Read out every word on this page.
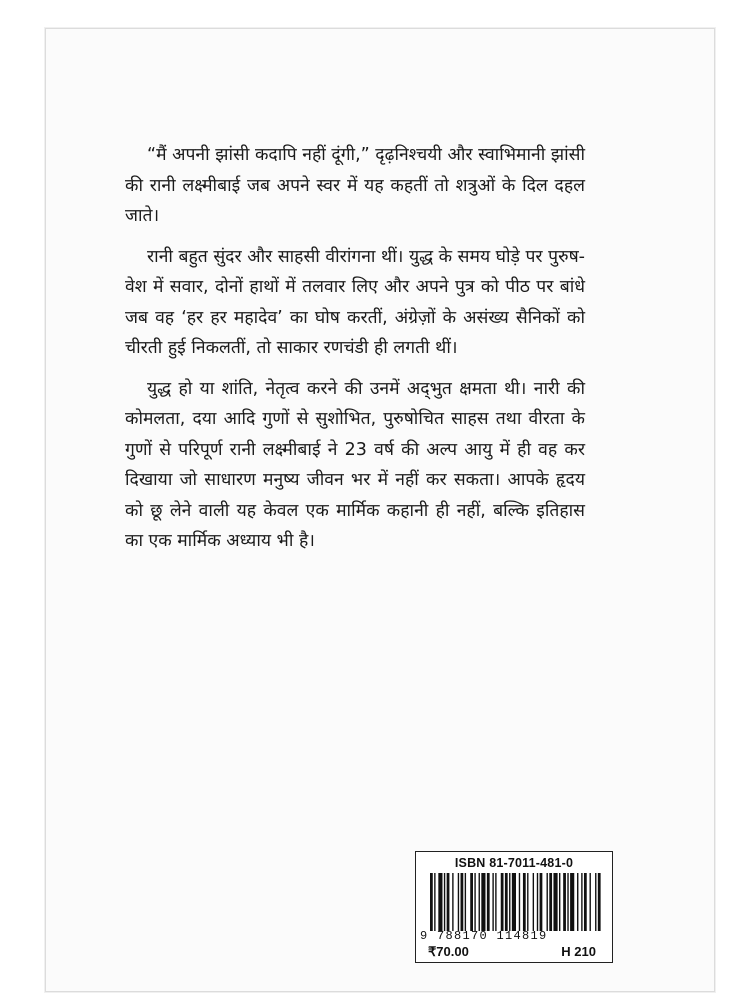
“मैं अपनी झांसी कदापि नहीं दूंगी,” दृढ़निश्चयी और स्वाभिमानी झांसी की रानी लक्ष्मीबाई जब अपने स्वर में यह कहतीं तो शत्रुओं के दिल दहल जाते।

रानी बहुत सुंदर और साहसी वीरांगना थीं। युद्ध के समय घोड़े पर पुरुष-वेश में सवार, दोनों हाथों में तलवार लिए और अपने पुत्र को पीठ पर बांधे जब वह ‘हर हर महादेव’ का घोष करतीं, अंग्रेज़ों के असंख्य सैनिकों को चीरती हुई निकलतीं, तो साकार रणचंडी ही लगती थीं।

युद्ध हो या शांति, नेतृत्व करने की उनमें अद्‌भुत क्षमता थी। नारी की कोमलता, दया आदि गुणों से सुशोभित, पुरुषोचित साहस तथा वीरता के गुणों से परिपूर्ण रानी लक्ष्मीबाई ने 23 वर्ष की अल्प आयु में ही वह कर दिखाया जो साधारण मनुष्य जीवन भर में नहीं कर सकता। आपके हृदय को छू लेने वाली यह केवल एक मार्मिक कहानी ही नहीं, बल्कि इतिहास का एक मार्मिक अध्याय भी है।

ISBN 81-7011-481-0
9 788170 114819
₹70.00	H 210
